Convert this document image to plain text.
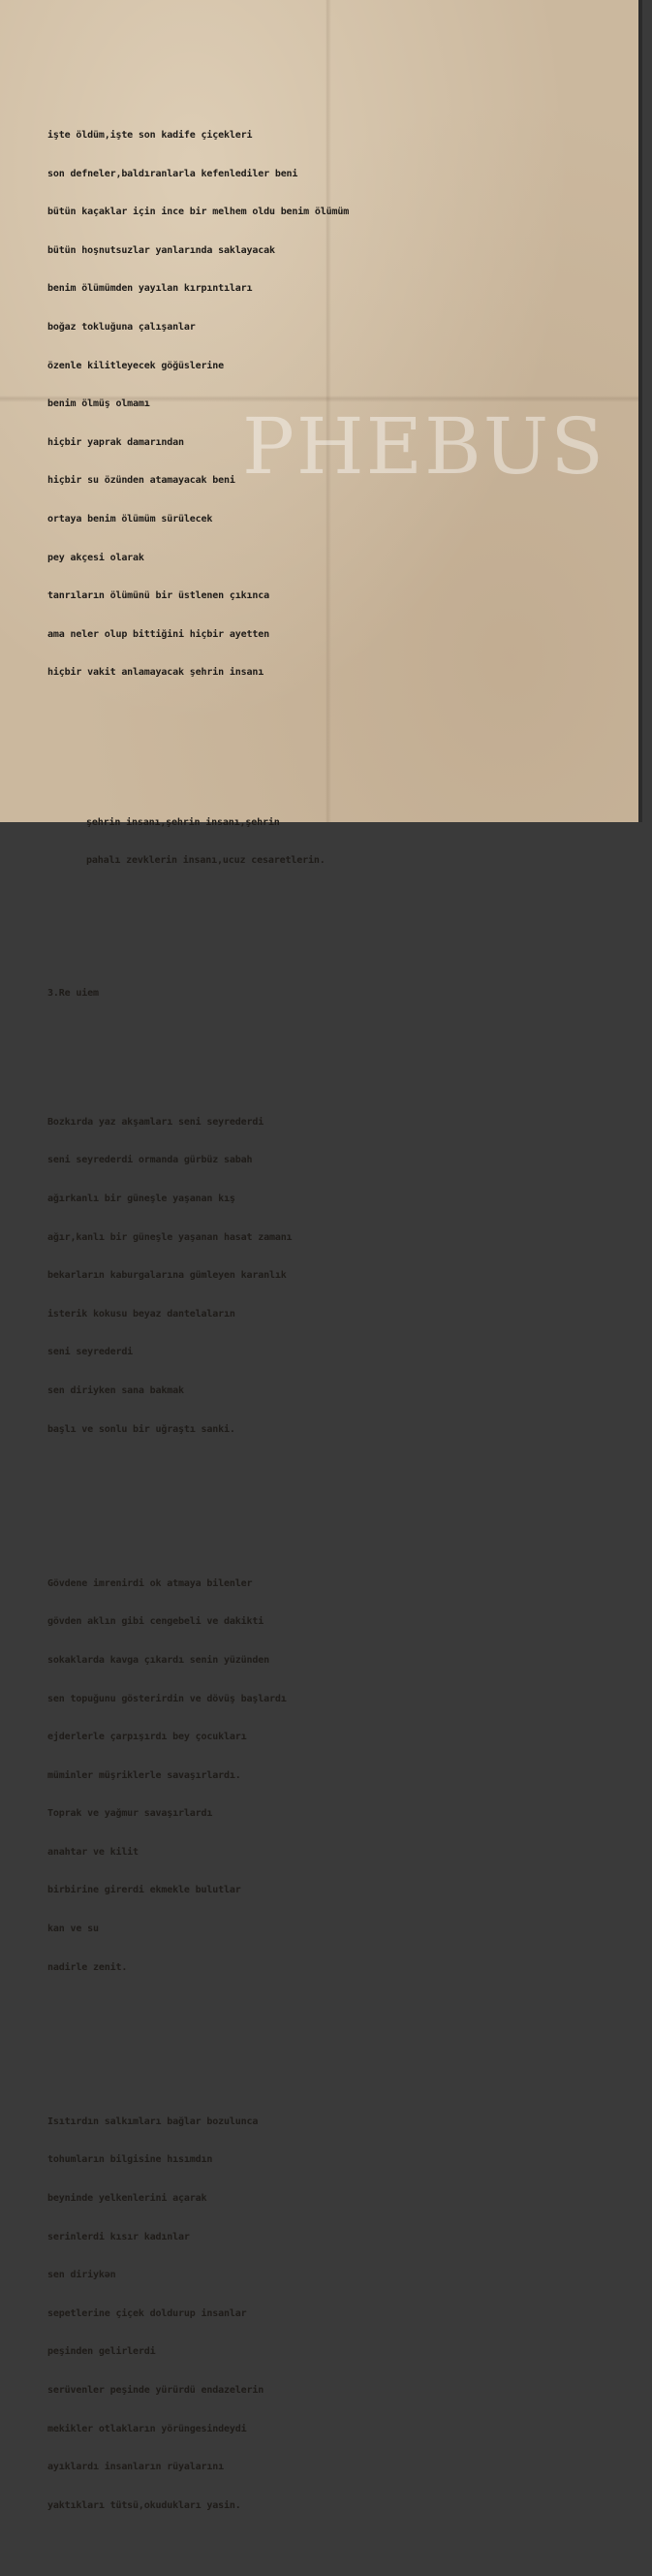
işte öldüm,işte son kadife çiçekleri

son defneler,baldıranlarla kefenlediler beni

bütün kaçaklar için ince bir melhem oldu benim ölümüm

bütün hoşnutsuzlar yanlarında saklayacak

benim ölümümden yayılan kırpıntıları

boğaz tokluğuna çalışanlar

özenle kilitleyecek göğüslerine

benim ölmüş olmamı

hiçbir yaprak damarından

hiçbir su özünden atamayacak beni

ortaya benim ölümüm sürülecek

pey akçesi olarak

tanrıların ölümünü bir üstlenen çıkınca

ama neler olup bittiğini hiçbir ayetten

hiçbir vakit anlamayacak şehrin insanı

şehrin insanı,şehrin insanı,şehrin

pahalı zevklerin insanı,ucuz cesaretlerin.

3.Re uiem

Bozkırda yaz akşamları seni seyrederdi

seni seyrederdi ormanda gürbüz sabah

ağırkanlı bir güneşle yaşanan kış

ağır,kanlı bir güneşle yaşanan hasat zamanı

bekarların kaburgalarına gümleyen karanlık

isterik kokusu beyaz dantelaların

seni seyrederdi

sen diriyken sana bakmak

başlı ve sonlu bir uğraştı sanki.

Gövdene imrenirdi ok atmaya bilenler

gövden aklın gibi cengebeli ve dakikti

sokaklarda kavga çıkardı senin yüzünden

sen topuğunu gösterirdin ve dövüş başlardı

ejderlerle çarpışırdı bey çocukları

müminler müşriklerle savaşırlardı.

Toprak ve yağmur savaşırlardı

anahtar ve kilit

birbirine girerdi ekmekle bulutlar

kan ve su

nadirle zenit.

Isıtırdın salkımları bağlar bozulunca

tohumların bilgisine hısımdın

beyninde yelkenlerini açarak

serinlerdi kısır kadınlar

sen diriykən

sepetlerine çiçek doldurup insanlar

peşinden gelirlerdi

serüvenler peşinde yürürdü endazelerin

mekikler otlakların yörüngesindeydi

ayıklardı insanların rüyalarını

yaktıkları tütsü,okudukları yasin.

PHEBUS
